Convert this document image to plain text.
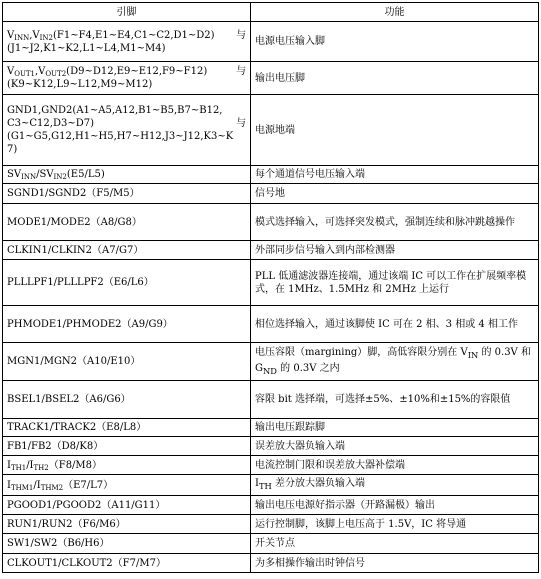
引脚	功能
$V_{INN},V_{IN2}(F1\sim F4,E1\sim E4,C1\sim C2,D1\sim D2)$ 与

(J1~J2,K1~K2,L1~L4,M1~M4)	电源电压输入脚
$V_{OUT1},V_{OUT2}(D9\sim D12,E9\sim E12,F9\sim F12)$ 与

(K9~K12,L9~L12,M9~M12)	输出电压脚
GND1,GND2(A1~A5,A12,B1~B5,B7~B12,
C3~C12,D3~D7) 与

(G1~G5,G12,H1~H5,H7~H12,J3~J12,K3~K
7)	电源地端
$SV_{INN}/SV_{IN2}(E5/L5)$	每个通道信号电压输入端
SGND1/SGND2（F5/M5）	信号地
MODE1/MODE2（A8/G8）	模式选择输入，可选择突发模式，强制连续和脉冲跳越操作
CLKIN1/CLKIN2（A7/G7）	外部同步信号输入到内部检测器
PLLLPF1/PLLLPF2（E6/L6）	PLL 低通滤波器连接端，通过该端 IC 可以工作在扩展频率模式，在 1MHz、1.5MHz 和 2MHz 上运行
PHMODE1/PHMODE2（A9/G9）	相位选择输入，通过该脚使 IC 可在 2 相、3 相或 4 相工作
MGN1/MGN2（A10/E10）	电压容限（margining）脚，高低容限分别在 $V_{IN}$ 的 0.3V 和 $G_{ND}$ 的 0.3V 之内
BSEL1/BSEL2（A6/G6）	容限 bit 选择端，可选择±5%、±10%和±15%的容限值
TRACK1/TRACK2（E8/L8）	输出电压跟踪脚
FB1/FB2（D8/K8）	误差放大器负输入端
$I_{TH1}/I_{TH2}(F8/M8)$	电流控制门限和误差放大器补偿端
$I_{THM1}/I_{THM2}(E7/L7)$	$I_{TH}$ 差分放大器负输入端
PGOOD1/PGOOD2（A11/G11）	输出电压电源好指示器（开路漏极）输出
RUN1/RUN2（F6/M6）	运行控制脚，该脚上电压高于 1.5V，IC 将导通
SW1/SW2（B6/H6）	开关节点
CLKOUT1/CLKOUT2（F7/M7）	为多相操作输出时钟信号
